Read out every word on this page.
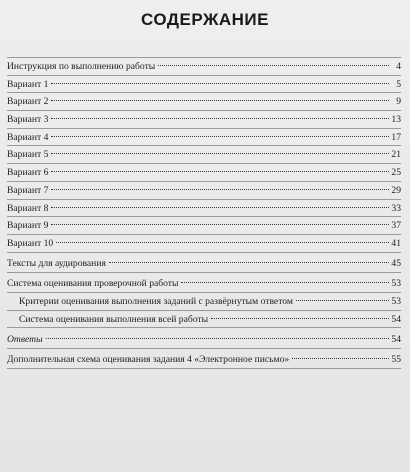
СОДЕРЖАНИЕ
Инструкция по выполнению работы	4
Вариант 1	5
Вариант 2	9
Вариант 3	13
Вариант 4	17
Вариант 5	21
Вариант 6	25
Вариант 7	29
Вариант 8	33
Вариант 9	37
Вариант 10	41
Тексты для аудирования	45
Система оценивания проверочной работы	53
Критерии оценивания выполнения заданий с развёрнутым ответом	53
Система оценивания выполнения всей работы	54
Ответы	54
Дополнительная схема оценивания задания 4 «Электронное письмо»	55
